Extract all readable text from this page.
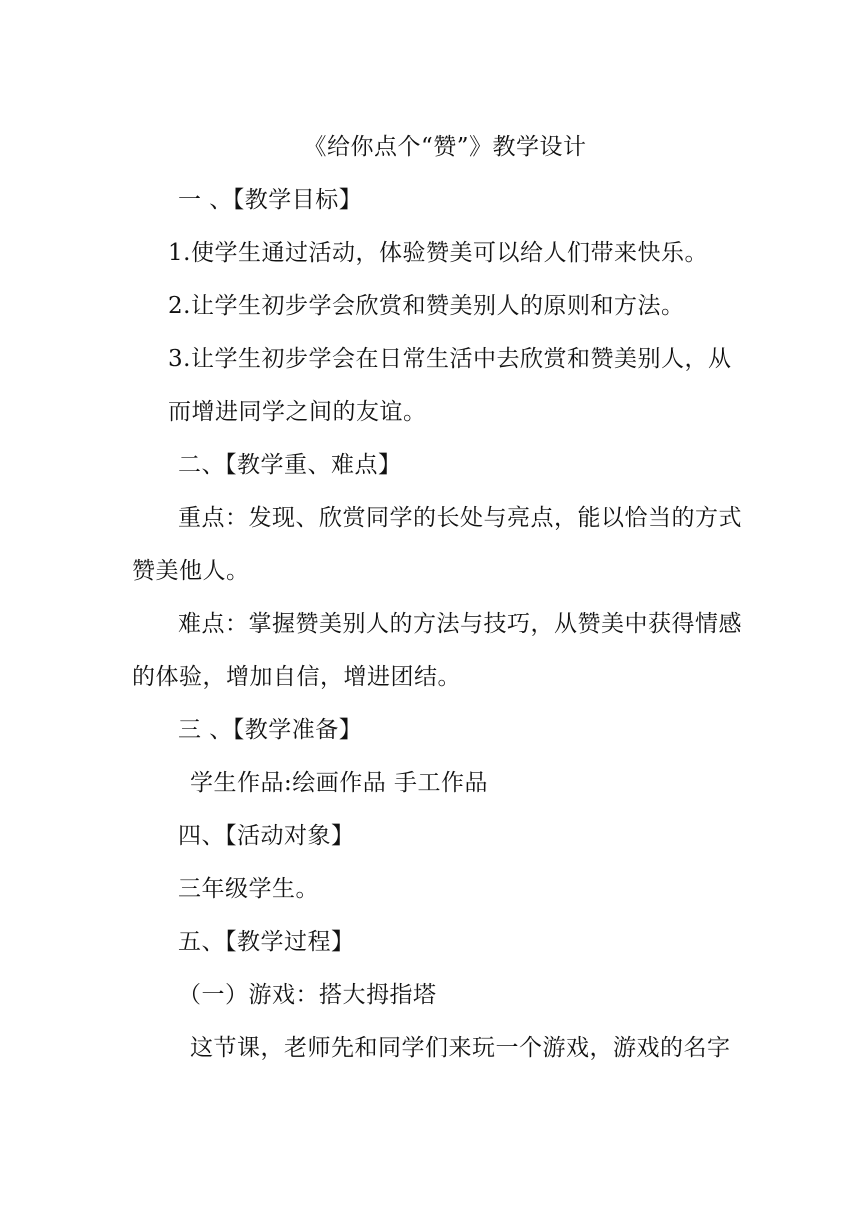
《给你点个“赞”》教学设计
一 、【教学目标】
1.使学生通过活动，体验赞美可以给人们带来快乐。
2.让学生初步学会欣赏和赞美别人的原则和方法。
3.让学生初步学会在日常生活中去欣赏和赞美别人，从
而增进同学之间的友谊。
二、【教学重、难点】
重点：发现、欣赏同学的长处与亮点，能以恰当的方式
赞美他人。
难点：掌握赞美别人的方法与技巧，从赞美中获得情感
的体验，增加自信，增进团结。
三 、【教学准备】
学生作品:绘画作品 手工作品
四、【活动对象】
三年级学生。
五、【教学过程】
（一）游戏：搭大拇指塔
这节课，老师先和同学们来玩一个游戏，游戏的名字
